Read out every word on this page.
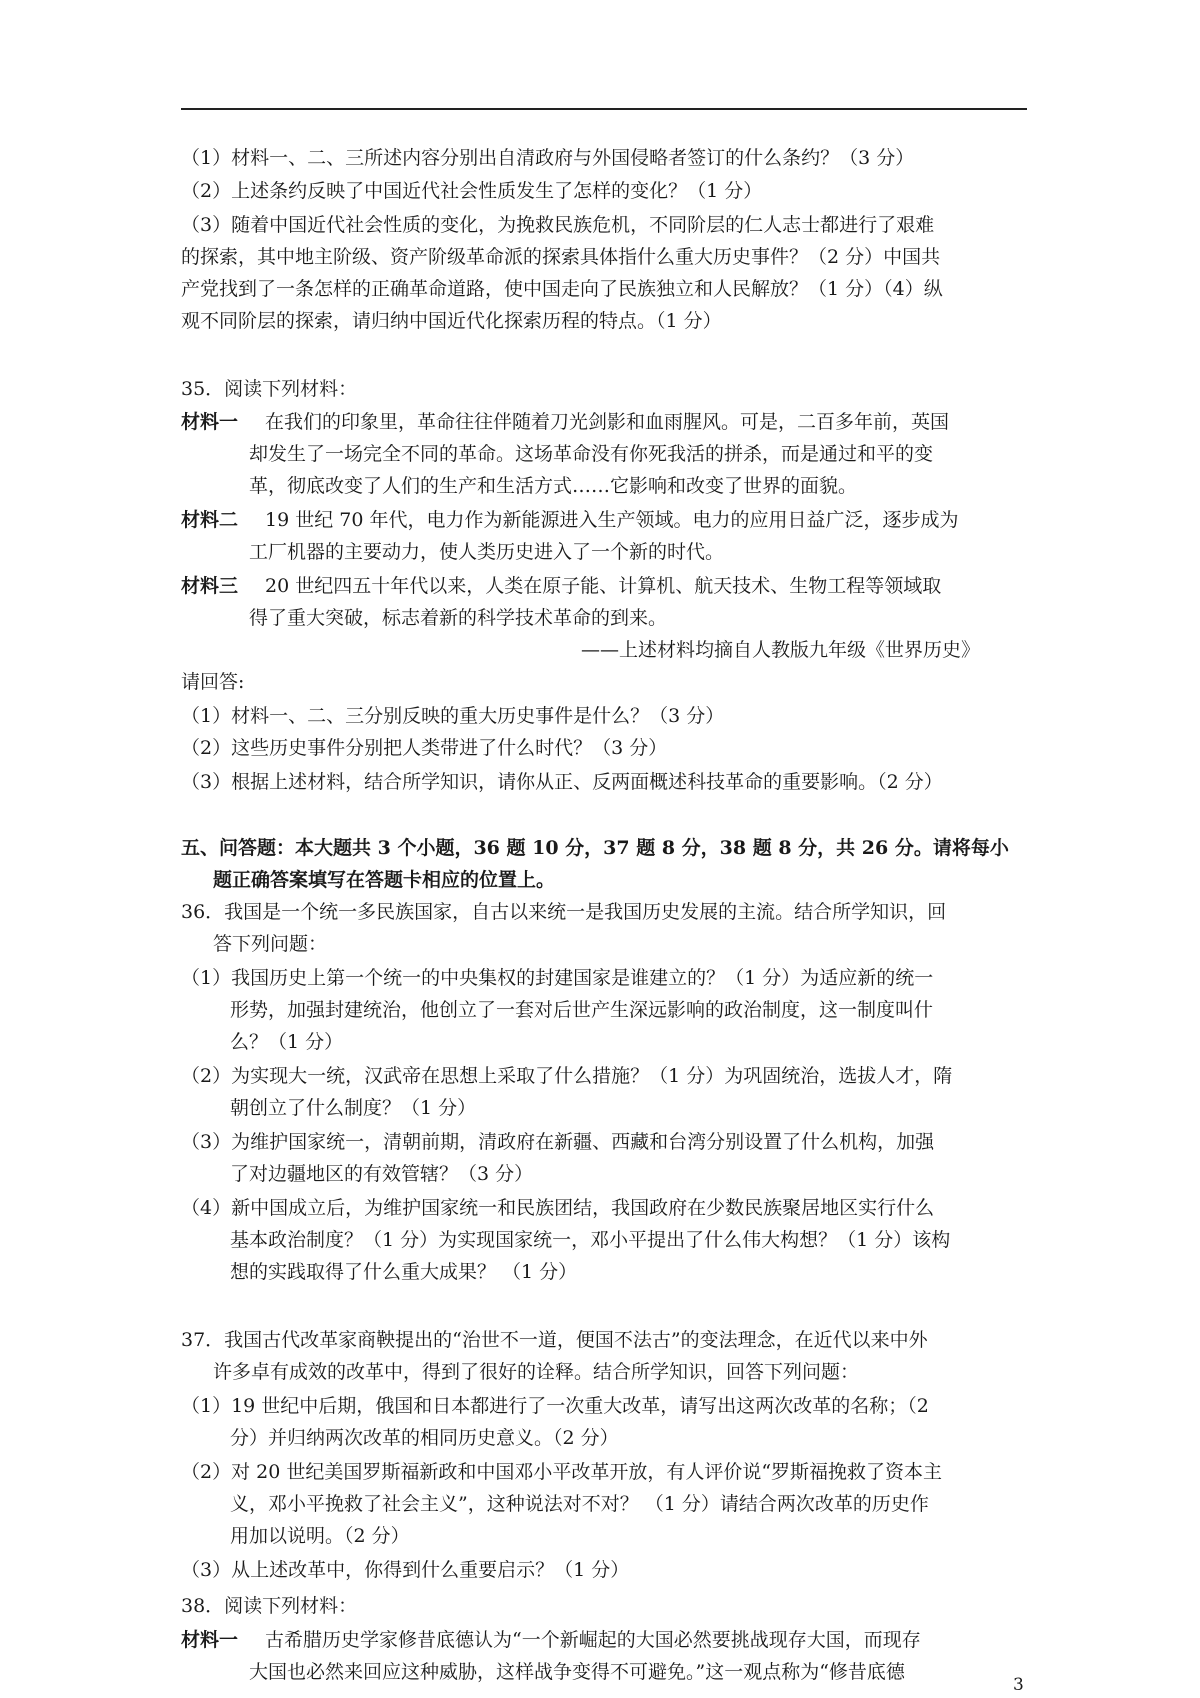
（1）材料一、二、三所述内容分别出自清政府与外国侵略者签订的什么条约？（3 分）
（2）上述条约反映了中国近代社会性质发生了怎样的变化？（1 分）
（3）随着中国近代社会性质的变化，为挽救民族危机，不同阶层的仁人志士都进行了艰难
的探索，其中地主阶级、资产阶级革命派的探索具体指什么重大历史事件？（2 分）中国共
产党找到了一条怎样的正确革命道路，使中国走向了民族独立和人民解放？（1 分）（4）纵
观不同阶层的探索，请归纳中国近代化探索历程的特点。（1 分）
35．阅读下列材料：
材料一 在我们的印象里，革命往往伴随着刀光剑影和血雨腥风。可是，二百多年前，英国
却发生了一场完全不同的革命。这场革命没有你死我活的拼杀，而是通过和平的变
革，彻底改变了人们的生产和生活方式……它影响和改变了世界的面貌。
材料二 19 世纪 70 年代，电力作为新能源进入生产领域。电力的应用日益广泛，逐步成为
工厂机器的主要动力，使人类历史进入了一个新的时代。
材料三 20 世纪四五十年代以来，人类在原子能、计算机、航天技术、生物工程等领域取
得了重大突破，标志着新的科学技术革命的到来。
——上述材料均摘自人教版九年级《世界历史》
请回答:
（1）材料一、二、三分别反映的重大历史事件是什么？（3 分）
（2）这些历史事件分别把人类带进了什么时代？（3 分）
（3）根据上述材料，结合所学知识，请你从正、反两面概述科技革命的重要影响。（2 分）
五、问答题：本大题共 3 个小题，36 题 10 分，37 题 8 分，38 题 8 分，共 26 分。请将每小
题正确答案填写在答题卡相应的位置上。
36．我国是一个统一多民族国家，自古以来统一是我国历史发展的主流。结合所学知识，回
答下列问题：
（1）我国历史上第一个统一的中央集权的封建国家是谁建立的？（1 分）为适应新的统一
形势，加强封建统治，他创立了一套对后世产生深远影响的政治制度，这一制度叫什
么？（1 分）
（2）为实现大一统，汉武帝在思想上采取了什么措施？（1 分）为巩固统治，选拔人才，隋
朝创立了什么制度？（1 分）
（3）为维护国家统一，清朝前期，清政府在新疆、西藏和台湾分别设置了什么机构，加强
了对边疆地区的有效管辖？（3 分）
（4）新中国成立后，为维护国家统一和民族团结，我国政府在少数民族聚居地区实行什么
基本政治制度？（1 分）为实现国家统一，邓小平提出了什么伟大构想？（1 分）该构
想的实践取得了什么重大成果？ （1 分）
37．我国古代改革家商鞅提出的“治世不一道，便国不法古”的变法理念，在近代以来中外
许多卓有成效的改革中，得到了很好的诠释。结合所学知识，回答下列问题：
（1）19 世纪中后期，俄国和日本都进行了一次重大改革，请写出这两次改革的名称；（2
分）并归纳两次改革的相同历史意义。（2 分）
（2）对 20 世纪美国罗斯福新政和中国邓小平改革开放，有人评价说“罗斯福挽救了资本主
义，邓小平挽救了社会主义”，这种说法对不对？ （1 分）请结合两次改革的历史作
用加以说明。（2 分）
（3）从上述改革中，你得到什么重要启示？（1 分）
38．阅读下列材料：
材料一 古希腊历史学家修昔底德认为“一个新崛起的大国必然要挑战现存大国，而现存
大国也必然来回应这种威胁，这样战争变得不可避免。”这一观点称为“修昔底德
3
